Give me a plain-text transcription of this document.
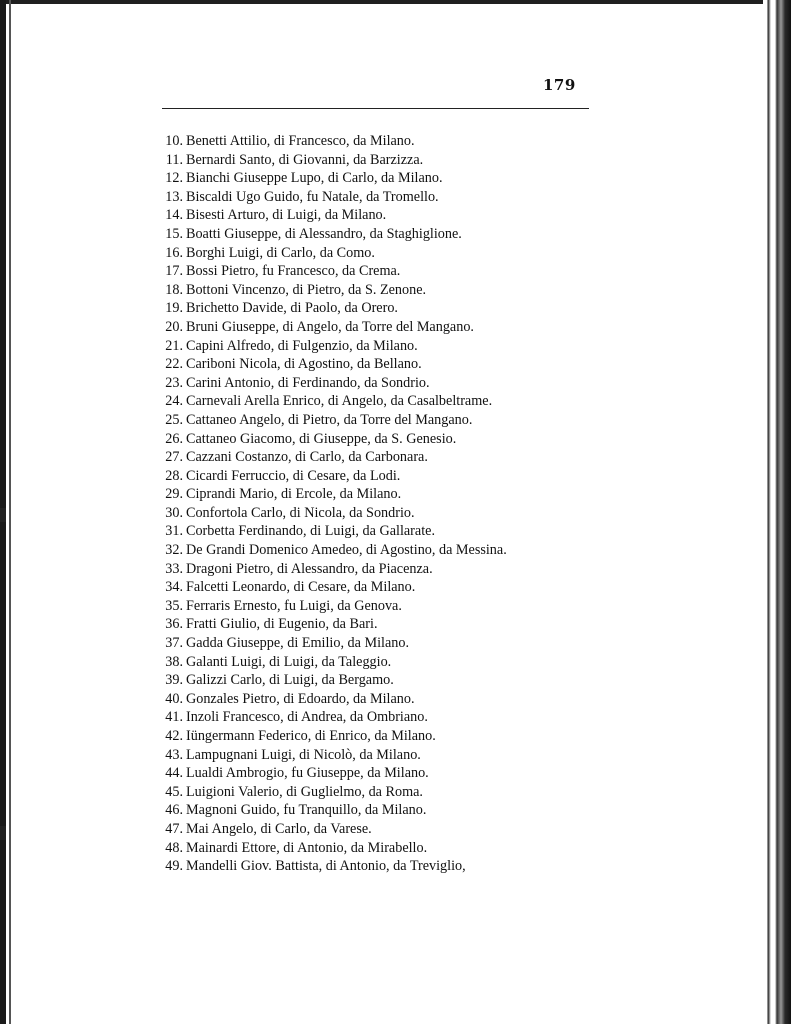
179
10. Benetti Attilio, di Francesco, da Milano.
11. Bernardi Santo, di Giovanni, da Barzizza.
12. Bianchi Giuseppe Lupo, di Carlo, da Milano.
13. Biscaldi Ugo Guido, fu Natale, da Tromello.
14. Bisesti Arturo, di Luigi, da Milano.
15. Boatti Giuseppe, di Alessandro, da Staghiglione.
16. Borghi Luigi, di Carlo, da Como.
17. Bossi Pietro, fu Francesco, da Crema.
18. Bottoni Vincenzo, di Pietro, da S. Zenone.
19. Brichetto Davide, di Paolo, da Orero.
20. Bruni Giuseppe, di Angelo, da Torre del Mangano.
21. Capini Alfredo, di Fulgenzio, da Milano.
22. Cariboni Nicola, di Agostino, da Bellano.
23. Carini Antonio, di Ferdinando, da Sondrio.
24. Carnevali Arella Enrico, di Angelo, da Casalbeltrame.
25. Cattaneo Angelo, di Pietro, da Torre del Mangano.
26. Cattaneo Giacomo, di Giuseppe, da S. Genesio.
27. Cazzani Costanzo, di Carlo, da Carbonara.
28. Cicardi Ferruccio, di Cesare, da Lodi.
29. Ciprandi Mario, di Ercole, da Milano.
30. Confortola Carlo, di Nicola, da Sondrio.
31. Corbetta Ferdinando, di Luigi, da Gallarate.
32. De Grandi Domenico Amedeo, di Agostino, da Messina.
33. Dragoni Pietro, di Alessandro, da Piacenza.
34. Falcetti Leonardo, di Cesare, da Milano.
35. Ferraris Ernesto, fu Luigi, da Genova.
36. Fratti Giulio, di Eugenio, da Bari.
37. Gadda Giuseppe, di Emilio, da Milano.
38. Galanti Luigi, di Luigi, da Taleggio.
39. Galizzi Carlo, di Luigi, da Bergamo.
40. Gonzales Pietro, di Edoardo, da Milano.
41. Inzoli Francesco, di Andrea, da Ombriano.
42. Iüngermann Federico, di Enrico, da Milano.
43. Lampugnani Luigi, di Nicolò, da Milano.
44. Lualdi Ambrogio, fu Giuseppe, da Milano.
45. Luigioni Valerio, di Guglielmo, da Roma.
46. Magnoni Guido, fu Tranquillo, da Milano.
47. Mai Angelo, di Carlo, da Varese.
48. Mainardi Ettore, di Antonio, da Mirabello.
49. Mandelli Giov. Battista, di Antonio, da Treviglio,
